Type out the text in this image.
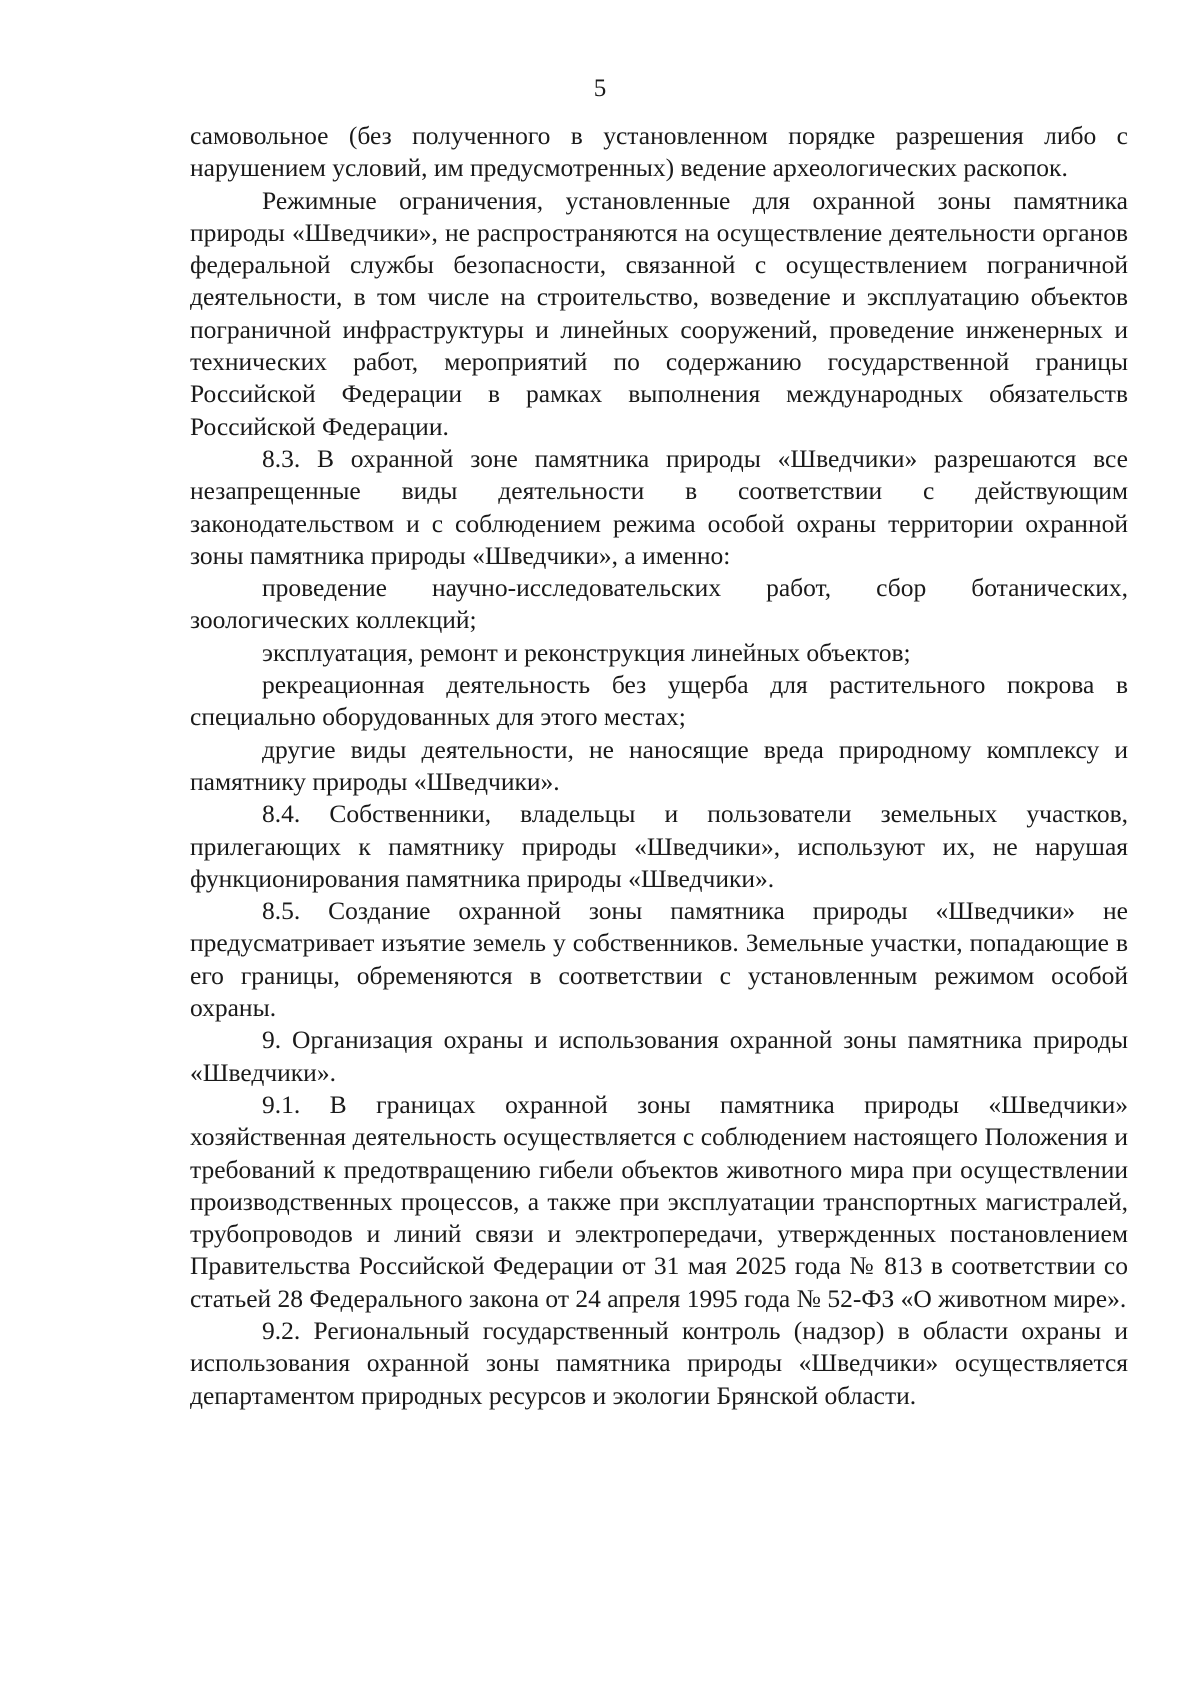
5

самовольное (без полученного в установленном порядке разрешения либо с нарушением условий, им предусмотренных) ведение археологических раскопок.

Режимные ограничения, установленные для охранной зоны памятника природы «Шведчики», не распространяются на осуществление деятельности органов федеральной службы безопасности, связанной с осуществлением пограничной деятельности, в том числе на строительство, возведение и эксплуатацию объектов пограничной инфраструктуры и линейных сооружений, проведение инженерных и технических работ, мероприятий по содержанию государственной границы Российской Федерации в рамках выполнения международных обязательств Российской Федерации.

8.3. В охранной зоне памятника природы «Шведчики» разрешаются все незапрещенные виды деятельности в соответствии с действующим законодательством и с соблюдением режима особой охраны территории охранной зоны памятника природы «Шведчики», а именно:

проведение научно-исследовательских работ, сбор ботанических, зоологических коллекций;

эксплуатация, ремонт и реконструкция линейных объектов;

рекреационная деятельность без ущерба для растительного покрова в специально оборудованных для этого местах;

другие виды деятельности, не наносящие вреда природному комплексу и памятнику природы «Шведчики».

8.4. Собственники, владельцы и пользователи земельных участков, прилегающих к памятнику природы «Шведчики», используют их, не нарушая функционирования памятника природы «Шведчики».

8.5. Создание охранной зоны памятника природы «Шведчики» не предусматривает изъятие земель у собственников. Земельные участки, попадающие в его границы, обременяются в соответствии с установленным режимом особой охраны.

9. Организация охраны и использования охранной зоны памятника природы «Шведчики».

9.1. В границах охранной зоны памятника природы «Шведчики» хозяйственная деятельность осуществляется с соблюдением настоящего Положения и требований к предотвращению гибели объектов животного мира при осуществлении производственных процессов, а также при эксплуатации транспортных магистралей, трубопроводов и линий связи и электропередачи, утвержденных постановлением Правительства Российской Федерации от 31 мая 2025 года № 813 в соответствии со статьей 28 Федерального закона от 24 апреля 1995 года № 52-ФЗ «О животном мире».

9.2. Региональный государственный контроль (надзор) в области охраны и использования охранной зоны памятника природы «Шведчики» осуществляется департаментом природных ресурсов и экологии Брянской области.
